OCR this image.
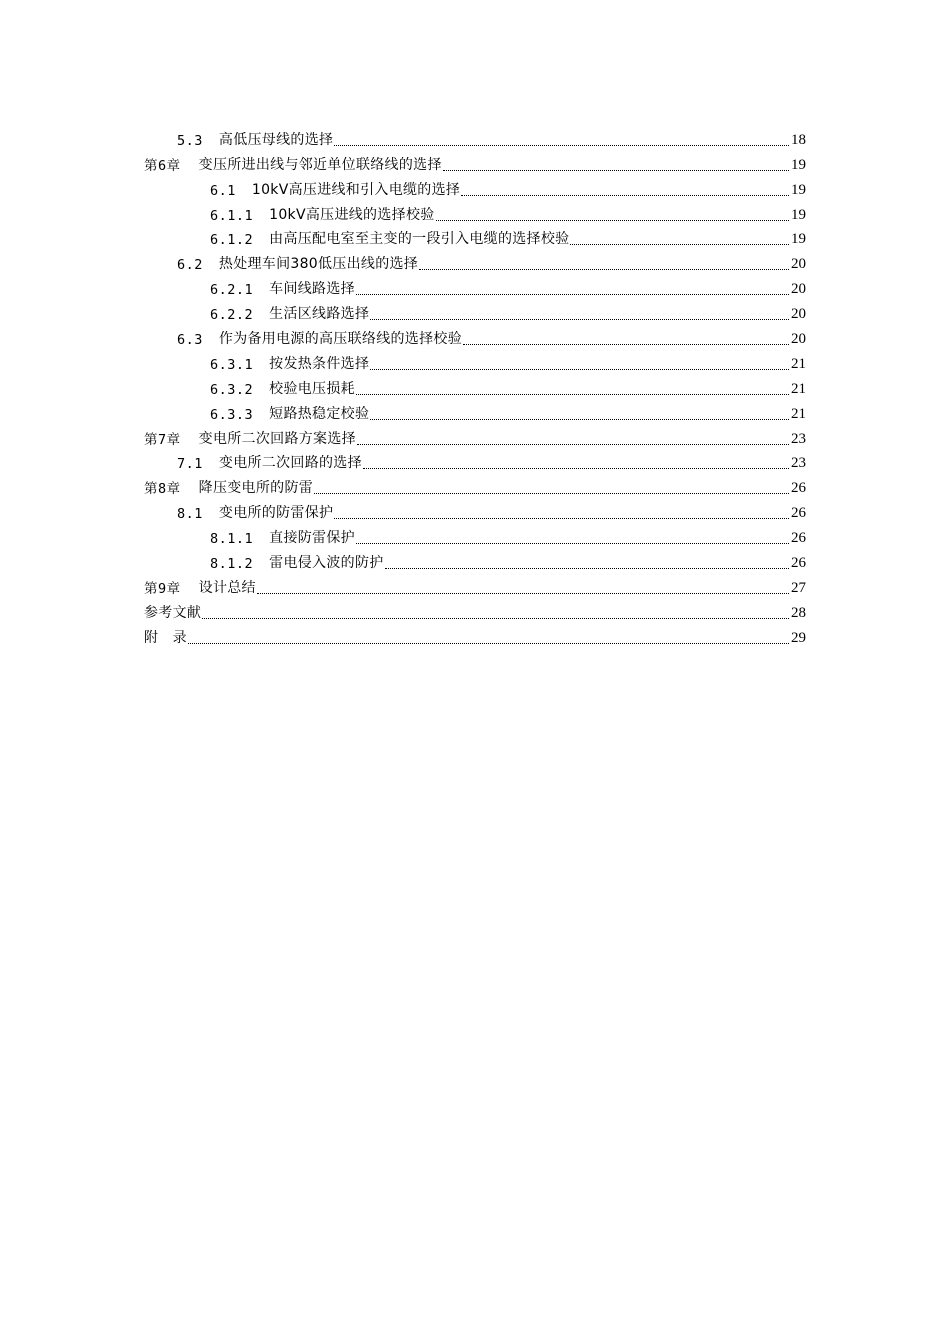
5.3 高低压母线的选择	18
第6章 变压所进出线与邻近单位联络线的选择	19
6.1 10kV高压进线和引入电缆的选择	19
6.1.1 10kV高压进线的选择校验	19
6.1.2 由高压配电室至主变的一段引入电缆的选择校验	19
6.2 热处理车间380低压出线的选择	20
6.2.1 车间线路选择	20
6.2.2 生活区线路选择	20
6.3 作为备用电源的高压联络线的选择校验	20
6.3.1 按发热条件选择	21
6.3.2 校验电压损耗	21
6.3.3 短路热稳定校验	21
第7章 变电所二次回路方案选择	23
7.1 变电所二次回路的选择	23
第8章 降压变电所的防雷	26
8.1 变电所的防雷保护	26
8.1.1 直接防雷保护	26
8.1.2 雷电侵入波的防护	26
第9章 设计总结	27
参考文献	28
附　录	29
